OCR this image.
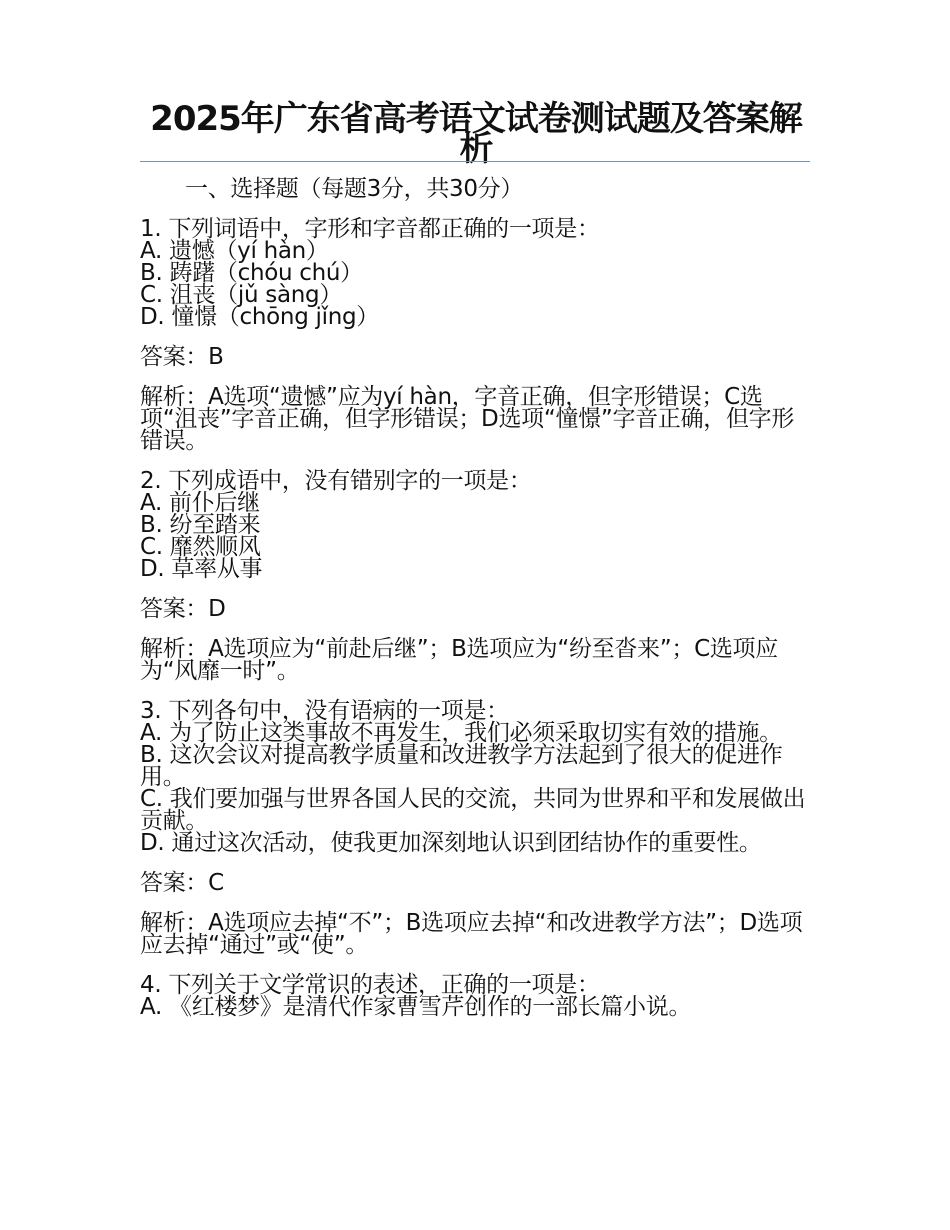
2025年广东省高考语文试卷测试题及答案解析
一、选择题（每题3分，共30分）
1. 下列词语中，字形和字音都正确的一项是：
A. 遗憾（yí hàn）
B. 踌躇（chóu chú）
C. 沮丧（jǔ sàng）
D. 憧憬（chōng jǐng）
答案：B
解析：A选项“遗憾”应为yí hàn，字音正确，但字形错误；C选项“沮丧”字音正确，但字形错误；D选项“憧憬”字音正确，但字形错误。
2. 下列成语中，没有错别字的一项是：
A. 前仆后继
B. 纷至踏来
C. 靡然顺风
D. 草率从事
答案：D
解析：A选项应为“前赴后继”；B选项应为“纷至沓来”；C选项应为“风靡一时”。
3. 下列各句中，没有语病的一项是：
A. 为了防止这类事故不再发生，我们必须采取切实有效的措施。
B. 这次会议对提高教学质量和改进教学方法起到了很大的促进作用。
C. 我们要加强与世界各国人民的交流，共同为世界和平和发展做出贡献。
D. 通过这次活动，使我更加深刻地认识到团结协作的重要性。
答案：C
解析：A选项应去掉“不”；B选项应去掉“和改进教学方法”；D选项应去掉“通过”或“使”。
4. 下列关于文学常识的表述，正确的一项是：
A. 《红楼梦》是清代作家曹雪芹创作的一部长篇小说。
